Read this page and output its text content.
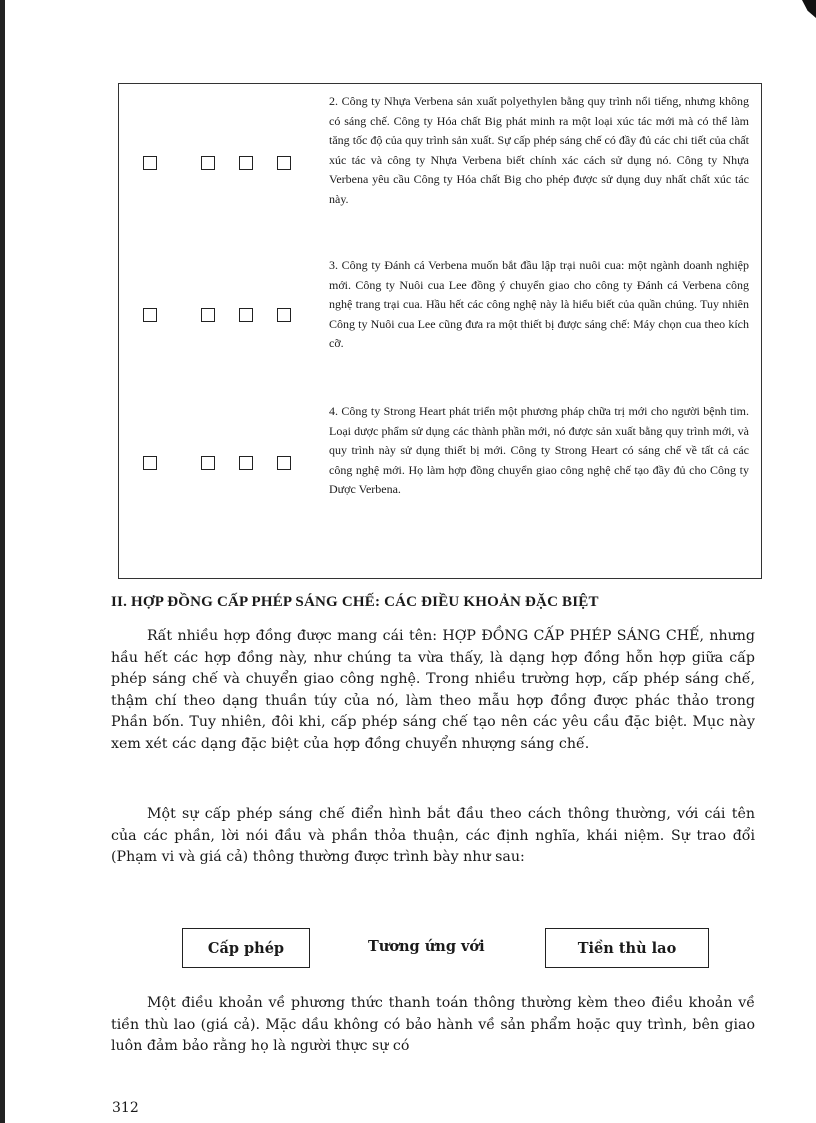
2. Công ty Nhựa Verbena sản xuất polyethylen bằng quy trình nổi tiếng, nhưng không có sáng chế. Công ty Hóa chất Big phát minh ra một loại xúc tác mới mà có thể làm tăng tốc độ của quy trình sản xuất. Sự cấp phép sáng chế có đầy đủ các chi tiết của chất xúc tác và công ty Nhựa Verbena biết chính xác cách sử dụng nó. Công ty Nhựa Verbena yêu cầu Công ty Hóa chất Big cho phép được sử dụng duy nhất chất xúc tác này.

3. Công ty Đánh cá Verbena muốn bắt đầu lập trại nuôi cua: một ngành doanh nghiệp mới. Công ty Nuôi cua Lee đồng ý chuyển giao cho công ty Đánh cá Verbena công nghệ trang trại cua. Hầu hết các công nghệ này là hiểu biết của quần chúng. Tuy nhiên Công ty Nuôi cua Lee cũng đưa ra một thiết bị được sáng chế: Máy chọn cua theo kích cỡ.

4. Công ty Strong Heart phát triển một phương pháp chữa trị mới cho người bệnh tim. Loại dược phẩm sử dụng các thành phần mới, nó được sản xuất bằng quy trình mới, và quy trình này sử dụng thiết bị mới. Công ty Strong Heart có sáng chế về tất cả các công nghệ mới. Họ làm hợp đồng chuyển giao công nghệ chế tạo đầy đủ cho Công ty Dược Verbena.

II. HỢP ĐỒNG CẤP PHÉP SÁNG CHẾ: CÁC ĐIỀU KHOẢN ĐẶC BIỆT

Rất nhiều hợp đồng được mang cái tên: HỢP ĐỒNG CẤP PHÉP SÁNG CHẾ, nhưng hầu hết các hợp đồng này, như chúng ta vừa thấy, là dạng hợp đồng hỗn hợp giữa cấp phép sáng chế và chuyển giao công nghệ. Trong nhiều trường hợp, cấp phép sáng chế, thậm chí theo dạng thuần túy của nó, làm theo mẫu hợp đồng được phác thảo trong Phần bốn. Tuy nhiên, đôi khi, cấp phép sáng chế tạo nên các yêu cầu đặc biệt. Mục này xem xét các dạng đặc biệt của hợp đồng chuyển nhượng sáng chế.

Một sự cấp phép sáng chế điển hình bắt đầu theo cách thông thường, với cái tên của các phần, lời nói đầu và phần thỏa thuận, các định nghĩa, khái niệm. Sự trao đổi (Phạm vi và giá cả) thông thường được trình bày như sau:

Cấp phép	Tương ứng với	Tiền thù lao

Một điều khoản về phương thức thanh toán thông thường kèm theo điều khoản về tiền thù lao (giá cả). Mặc dầu không có bảo hành về sản phẩm hoặc quy trình, bên giao luôn đảm bảo rằng họ là người thực sự có

312
